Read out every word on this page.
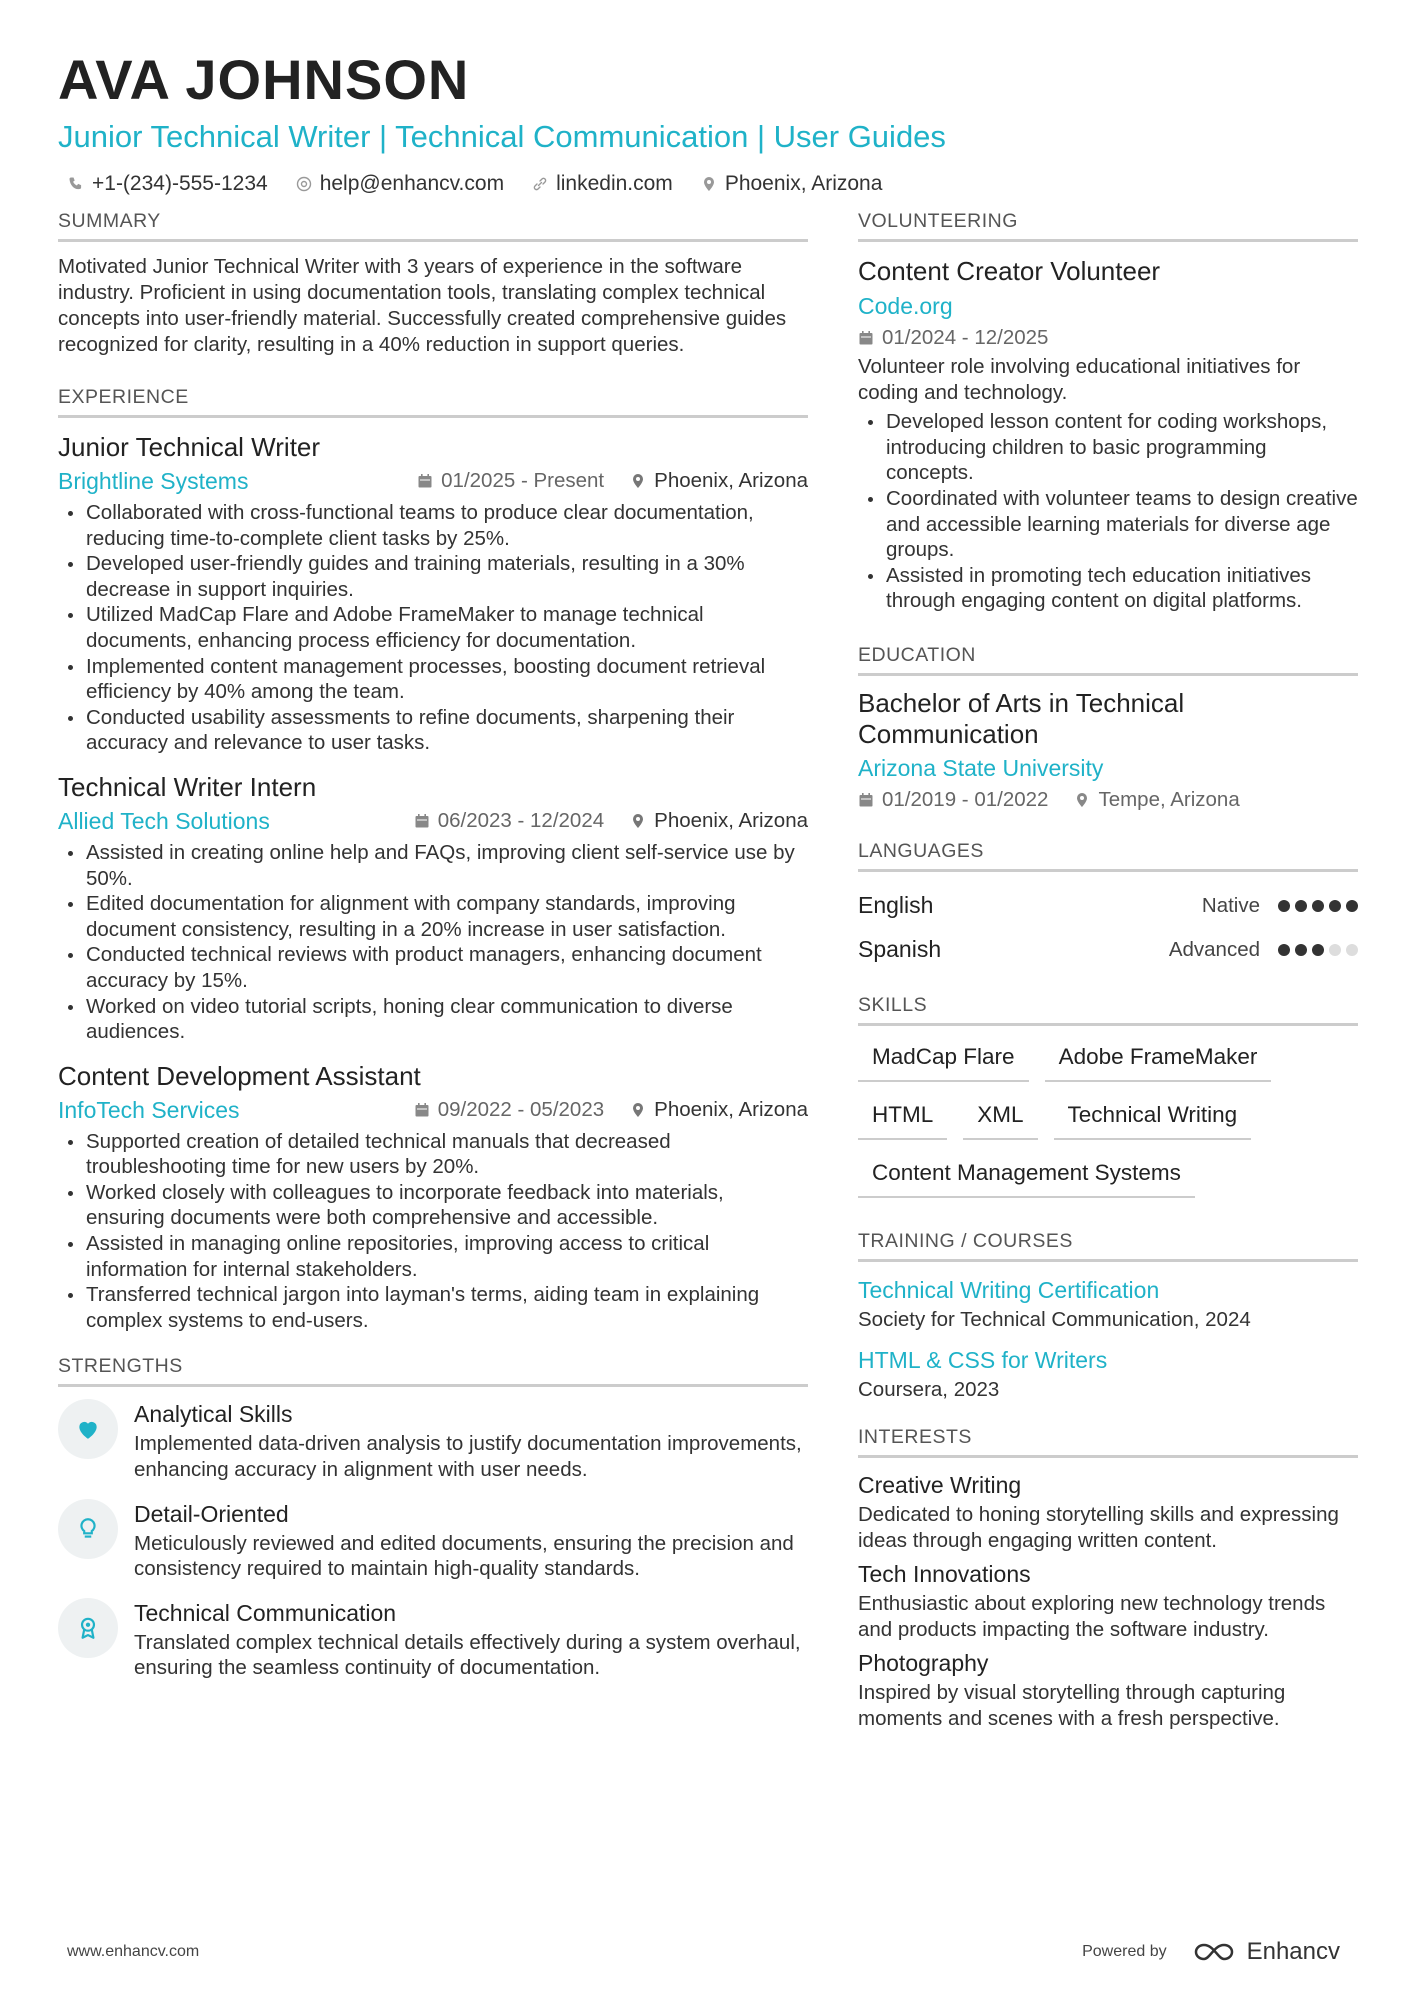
AVA JOHNSON
Junior Technical Writer | Technical Communication | User Guides
+1-(234)-555-1234 help@enhancv.com linkedin.com Phoenix, Arizona
SUMMARY
Motivated Junior Technical Writer with 3 years of experience in the software industry. Proficient in using documentation tools, translating complex technical concepts into user-friendly material. Successfully created comprehensive guides recognized for clarity, resulting in a 40% reduction in support queries.
EXPERIENCE
Junior Technical Writer
Brightline Systems	01/2025 - Present Phoenix, Arizona
Collaborated with cross-functional teams to produce clear documentation, reducing time-to-complete client tasks by 25%.
Developed user-friendly guides and training materials, resulting in a 30% decrease in support inquiries.
Utilized MadCap Flare and Adobe FrameMaker to manage technical documents, enhancing process efficiency for documentation.
Implemented content management processes, boosting document retrieval efficiency by 40% among the team.
Conducted usability assessments to refine documents, sharpening their accuracy and relevance to user tasks.
Technical Writer Intern
Allied Tech Solutions	06/2023 - 12/2024 Phoenix, Arizona
Assisted in creating online help and FAQs, improving client self-service use by 50%.
Edited documentation for alignment with company standards, improving document consistency, resulting in a 20% increase in user satisfaction.
Conducted technical reviews with product managers, enhancing document accuracy by 15%.
Worked on video tutorial scripts, honing clear communication to diverse audiences.
Content Development Assistant
InfoTech Services	09/2022 - 05/2023 Phoenix, Arizona
Supported creation of detailed technical manuals that decreased troubleshooting time for new users by 20%.
Worked closely with colleagues to incorporate feedback into materials, ensuring documents were both comprehensive and accessible.
Assisted in managing online repositories, improving access to critical information for internal stakeholders.
Transferred technical jargon into layman's terms, aiding team in explaining complex systems to end-users.
STRENGTHS
Analytical Skills
Implemented data-driven analysis to justify documentation improvements, enhancing accuracy in alignment with user needs.
Detail-Oriented
Meticulously reviewed and edited documents, ensuring the precision and consistency required to maintain high-quality standards.
Technical Communication
Translated complex technical details effectively during a system overhaul, ensuring the seamless continuity of documentation.
VOLUNTEERING
Content Creator Volunteer
Code.org
01/2024 - 12/2025
Volunteer role involving educational initiatives for coding and technology.
Developed lesson content for coding workshops, introducing children to basic programming concepts.
Coordinated with volunteer teams to design creative and accessible learning materials for diverse age groups.
Assisted in promoting tech education initiatives through engaging content on digital platforms.
EDUCATION
Bachelor of Arts in Technical Communication
Arizona State University
01/2019 - 01/2022 Tempe, Arizona
LANGUAGES
English	Native
Spanish	Advanced
SKILLS
MadCap Flare	Adobe FrameMaker
HTML	XML	Technical Writing
Content Management Systems
TRAINING / COURSES
Technical Writing Certification
Society for Technical Communication, 2024
HTML & CSS for Writers
Coursera, 2023
INTERESTS
Creative Writing
Dedicated to honing storytelling skills and expressing ideas through engaging written content.
Tech Innovations
Enthusiastic about exploring new technology trends and products impacting the software industry.
Photography
Inspired by visual storytelling through capturing moments and scenes with a fresh perspective.
www.enhancv.com	Powered by	Enhancv
